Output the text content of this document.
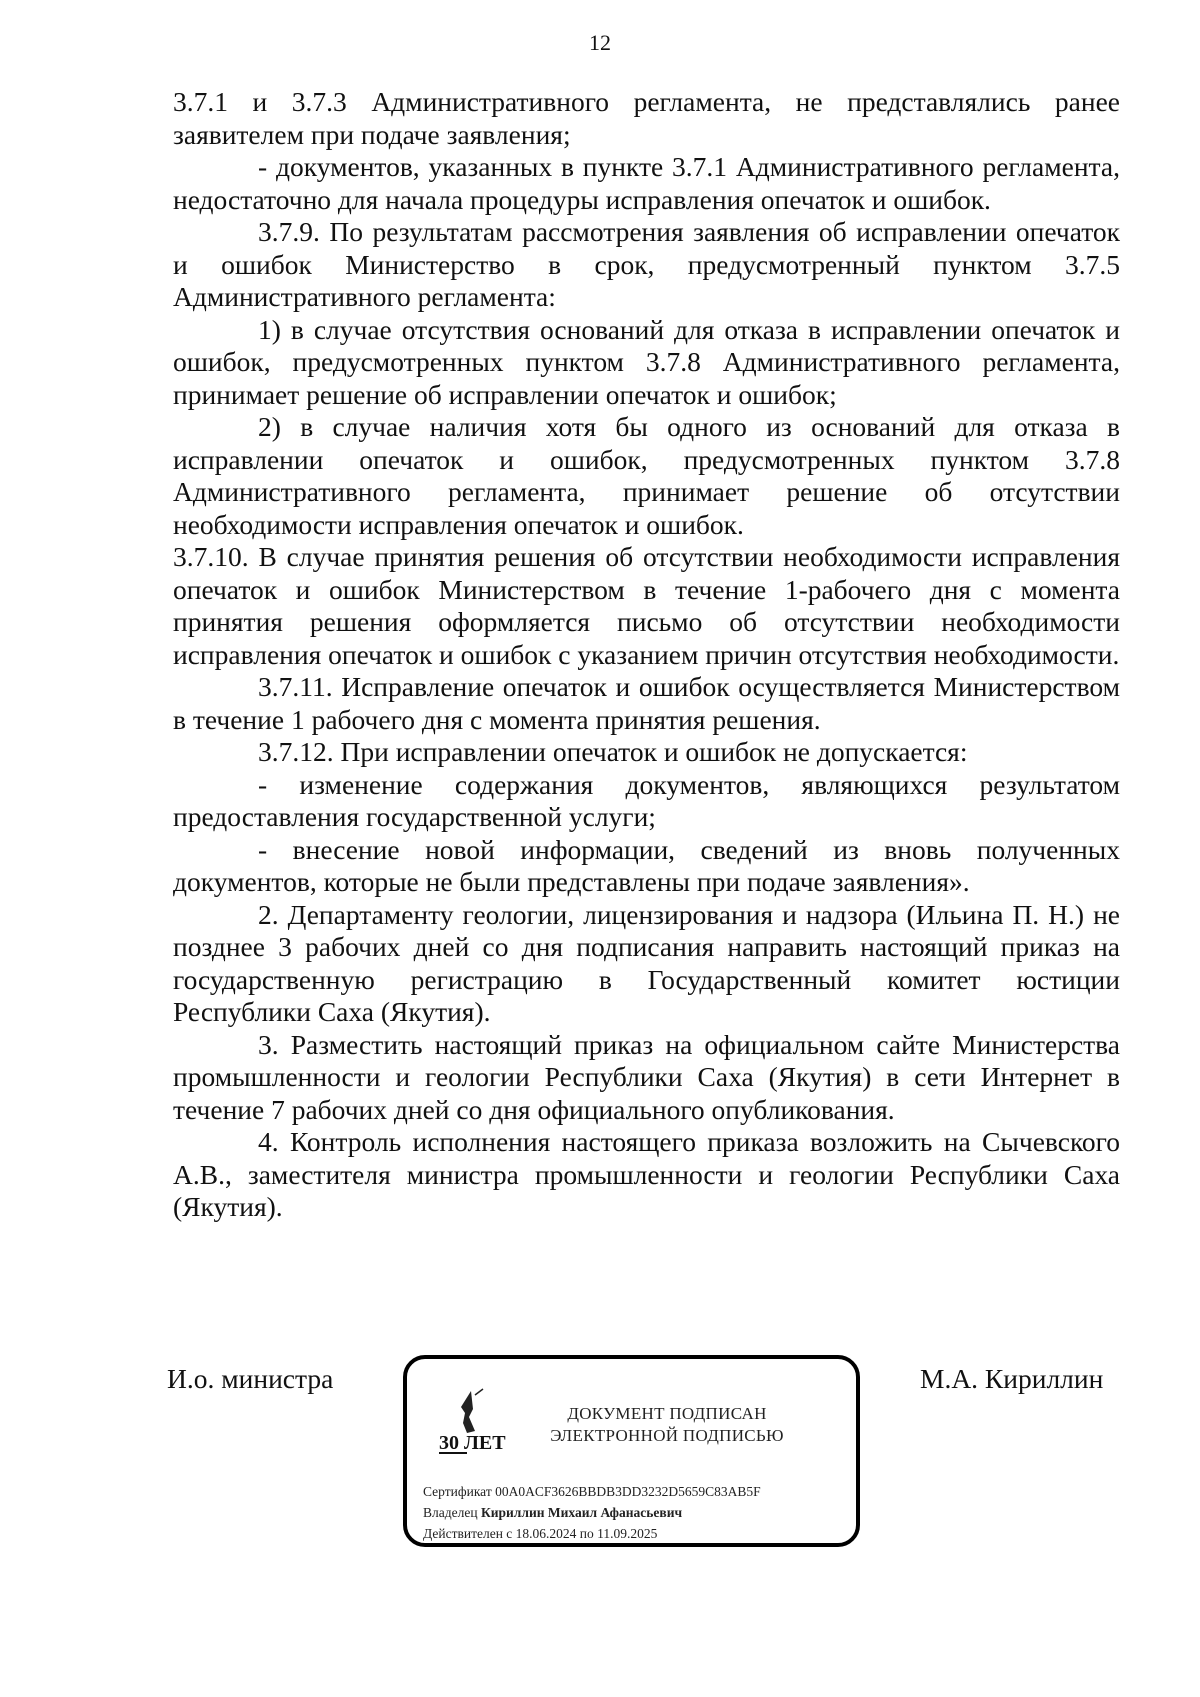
12

3.7.1 и 3.7.3 Административного регламента, не представлялись ранее заявителем при подаче заявления;

- документов, указанных в пункте 3.7.1 Административного регламента, недостаточно для начала процедуры исправления опечаток и ошибок.

3.7.9. По результатам рассмотрения заявления об исправлении опечаток и ошибок Министерство в срок, предусмотренный пунктом 3.7.5 Административного регламента:

1) в случае отсутствия оснований для отказа в исправлении опечаток и ошибок, предусмотренных пунктом 3.7.8 Административного регламента, принимает решение об исправлении опечаток и ошибок;

2) в случае наличия хотя бы одного из оснований для отказа в исправлении опечаток и ошибок, предусмотренных пунктом 3.7.8 Административного регламента, принимает решение об отсутствии необходимости исправления опечаток и ошибок.

3.7.10. В случае принятия решения об отсутствии необходимости исправления опечаток и ошибок Министерством в течение 1-рабочего дня с момента принятия решения оформляется письмо об отсутствии необходимости исправления опечаток и ошибок с указанием причин отсутствия необходимости.

3.7.11. Исправление опечаток и ошибок осуществляется Министерством в течение 1 рабочего дня с момента принятия решения.

3.7.12. При исправлении опечаток и ошибок не допускается:

- изменение содержания документов, являющихся результатом предоставления государственной услуги;

- внесение новой информации, сведений из вновь полученных документов, которые не были представлены при подаче заявления».

2. Департаменту геологии, лицензирования и надзора (Ильина П. Н.) не позднее 3 рабочих дней со дня подписания направить настоящий приказ на государственную регистрацию в Государственный комитет юстиции Республики Саха (Якутия).

3. Разместить настоящий приказ на официальном сайте Министерства промышленности и геологии Республики Саха (Якутия) в сети Интернет в течение 7 рабочих дней со дня официального опубликования.

4. Контроль исполнения настоящего приказа возложить на Сычевского А.В., заместителя министра промышленности и геологии Республики Саха (Якутия).

И.о. министра
30 ЛЕТ
ДОКУМЕНТ ПОДПИСАН
ЭЛЕКТРОННОЙ ПОДПИСЬЮ
Сертификат 00A0ACF3626BBDB3DD3232D5659C83AB5F
Владелец Кириллин Михаил Афанасьевич
Действителен с 18.06.2024 по 11.09.2025
М.А. Кириллин
